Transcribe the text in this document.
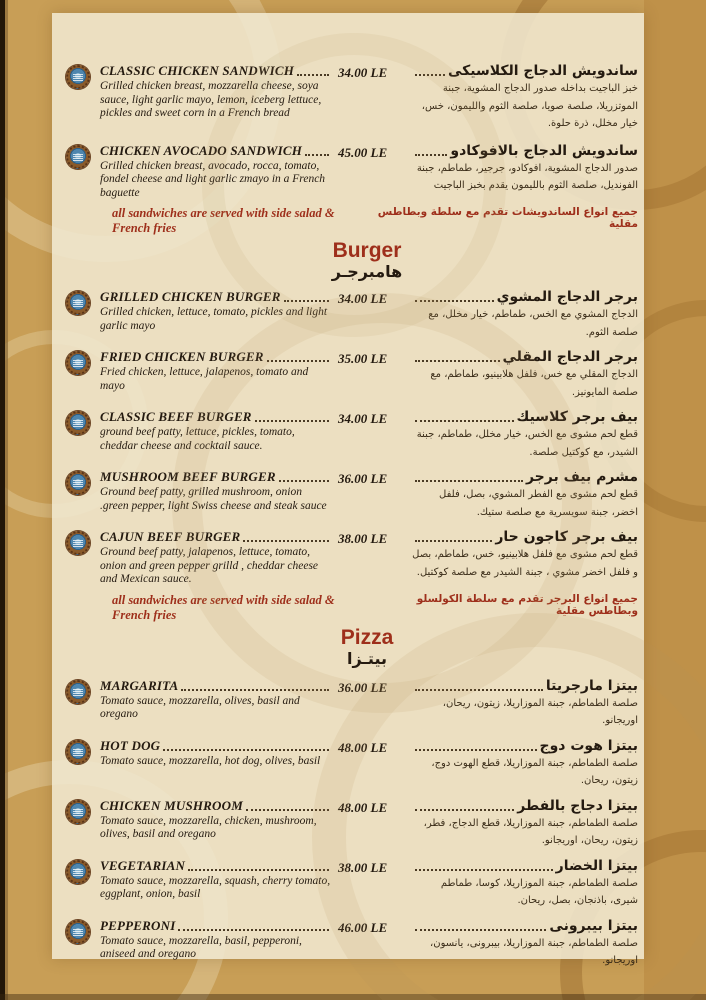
CLASSIC CHICKEN SANDWICH
Grilled chicken breast, mozzarella cheese, soya sauce, light garlic mayo, lemon, iceberg lettuce, pickles and sweet corn in a French bread
34.00 LE	ساندويش الدجاج الكلاسيكى
خبز الباجيت بداخله صدور الدجاج المشوية، جبنة الموتزريلا، صلصة صويا، صلصة الثوم والليمون، خس، خيار مخلل، ذرة حلوة.
CHICKEN AVOCADO SANDWICH
Grilled chicken breast, avocado, rocca, tomato, fondel cheese and light garlic zmayo in a French baguette
45.00 LE	ساندويش الدجاج بالافوكادو
صدور الدجاج المشوية، افوكادو، جرجير، طماطم، جبنة الفونديل، صلصة الثوم بالليمون يقدم بخبز الباجيت
all sandwiches are served with side salad & French fries
جميع انواع الساندويشات تقدم مع سلطة وبطاطس مقلية
Burger
هامبرجـر
GRILLED CHICKEN BURGER
Grilled chicken, lettuce, tomato, pickles and light garlic mayo
34.00 LE	برجر الدجاج المشوي
الدجاج المشوي مع الخس، طماطم، خيار مخلل، مع صلصة الثوم.
FRIED CHICKEN BURGER
Fried chicken, lettuce, jalapenos, tomato and mayo
35.00 LE	برجر الدجاج المقلي
الدجاج المقلي مع خس، فلفل هلابينيو، طماطم، مع صلصة المايونيز.
CLASSIC BEEF BURGER
ground beef patty, lettuce, pickles, tomato, cheddar cheese and cocktail sauce.
34.00 LE	بيف برجر كلاسيك
قطع لحم مشوى مع الخس، خيار مخلل، طماطم، جبنة الشيدر، مع كوكتيل صلصة.
MUSHROOM BEEF BURGER
Ground beef patty, grilled mushroom, onion .green pepper, light Swiss cheese and steak sauce
36.00 LE	مشرم بيف برجر
قطع لحم مشوى مع الفطر المشوي، بصل، فلفل اخضر، جبنة سويسرية مع صلصة ستيك.
CAJUN BEEF BURGER
Ground beef patty, jalapenos, lettuce, tomato, onion and green pepper grilld , cheddar cheese and Mexican sauce.
38.00 LE	بيف برجر كاجون حار
قطع لحم مشوى مع فلفل هلابينيو، خس، طماطم، بصل و فلفل اخضر مشوي ، جبنة الشيدر مع صلصة كوكتيل.
all sandwiches are served with side salad & French fries
جميع انواع البرجر تقدم مع سلطة الكولسلو وبطاطس مقلية
Pizza
بيتـزا
MARGARITA
Tomato sauce, mozzarella, olives, basil and oregano
36.00 LE	بيتزا مارجريتا
صلصة الطماطم، جبنة الموزاريلا، زيتون، ريحان، اوريجانو.
HOT DOG
Tomato sauce, mozzarella, hot dog, olives, basil
48.00 LE	بيتزا هوت دوج
صلصة الطماطم، جبنة الموزاريلا، قطع الهوت دوج، زيتون، ريحان.
CHICKEN MUSHROOM
Tomato sauce, mozzarella, chicken, mushroom, olives, basil and oregano
48.00 LE	بيتزا دجاج بالفطر
صلصة الطماطم، جبنة الموزاريلا، قطع الدجاج، فطر، زيتون، ريحان، اوريجانو.
VEGETARIAN
Tomato sauce, mozzarella, squash, cherry tomato, eggplant, onion, basil
38.00 LE	بيتزا الخضار
صلصة الطماطم، جبنة الموزاريلا، كوسا، طماطم شيرى، باذنجان، بصل، ريحان.
PEPPERONI
Tomato sauce, mozzarella, basil, pepperoni, aniseed and oregano
46.00 LE	بيتزا بيبرونى
صلصة الطماطم، جبنة الموزاريلا، بيبرونى، يانسون، اوريجانو.
